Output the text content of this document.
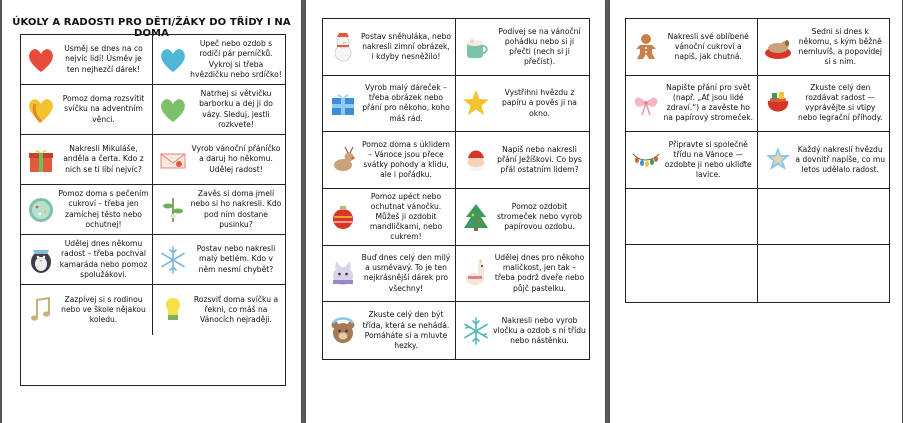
ÚKOLY A RADOSTI PRO DĚTI/ŽÁKY DO TŘÍDY I NA DOMA
Usměj se dnes na co nejvíc lidí! Úsměv je ten nejhezčí dárek!
Upeč nebo ozdob s rodiči pár perníčků. Vykroj si třeba hvězdičku nebo srdíčko!
Pomoz doma rozsvítit svíčku na adventním věnci.
Natrhej si větvičku barborku a dej ji do vázy. Sleduj, jestli rozkvete!
Nakresli Mikuláše, anděla a čerta. Kdo z nich se ti líbí nejvíc?
Vyrob vánoční přáníčko a daruj ho někomu. Udělej radost!
Pomoz doma s pečením cukroví – třeba jen zamíchej těsto nebo ochutnej!
Zavěs si doma jmelí nebo si ho nakresli. Kdo pod ním dostane pusinku?
Udělej dnes někomu radost – třeba pochval kamaráda nebo pomoz spolužákovi.
Postav nebo nakresli malý betlém. Kdo v něm nesmí chybět?
Zazpívej si s rodinou nebo ve škole nějakou koledu.
Rozsviť doma svíčku a řekni, co máš na Vánocích nejraději.
Postav sněhuláka, nebo nakresli zimní obrázek, i kdyby nesněžilo!
Podívej se na vánoční pohádku nebo si ji přečti (nech si ji přečíst).
Vyrob malý dáreček – třeba obrázek nebo přání pro někoho, koho máš rád.
Vystřihni hvězdu z papíru a pověs ji na okno.
Pomoz doma s úklidem – Vánoce jsou přece svátky pohody a klidu, ale i pořádku.
Napiš nebo nakresli přání Ježíškovi. Co bys přál ostatním lidem?
Pomoz upéct nebo ochutnat vánočku. Můžeš ji ozdobit mandličkami, nebo cukrem!
Pomoz ozdobit stromeček nebo vyrob papírovou ozdobu.
Buď dnes celý den milý a usměvavý. To je ten nejkrásnější dárek pro všechny!
Udělej dnes pro někoho maličkost, jen tak – třeba podrž dveře nebo půjč pastelku.
Zkuste celý den být třída, která se nehádá. Pomáháte si a mluvte hezky.
Nakresli nebo vyrob vločku a ozdob s ní třídu nebo nástěnku.
Nakresli své oblíbené vánoční cukroví a napiš, jak chutná.
Sedni si dnes k někomu, s kým běžně nemluvíš, a popovídej si s ním.
Napište přání pro svět (např. „Ať jsou lidé zdraví.“) a zavěste ho na papírový stromeček.
Zkuste celý den rozdávat radost — vyprávějte si vtipy nebo legrační příhody.
Připravte si společně třídu na Vánoce — ozdobte ji nebo ukliďte lavice.
Každý nakreslí hvězdu a dovnitř napíše, co mu letos udělalo radost.
